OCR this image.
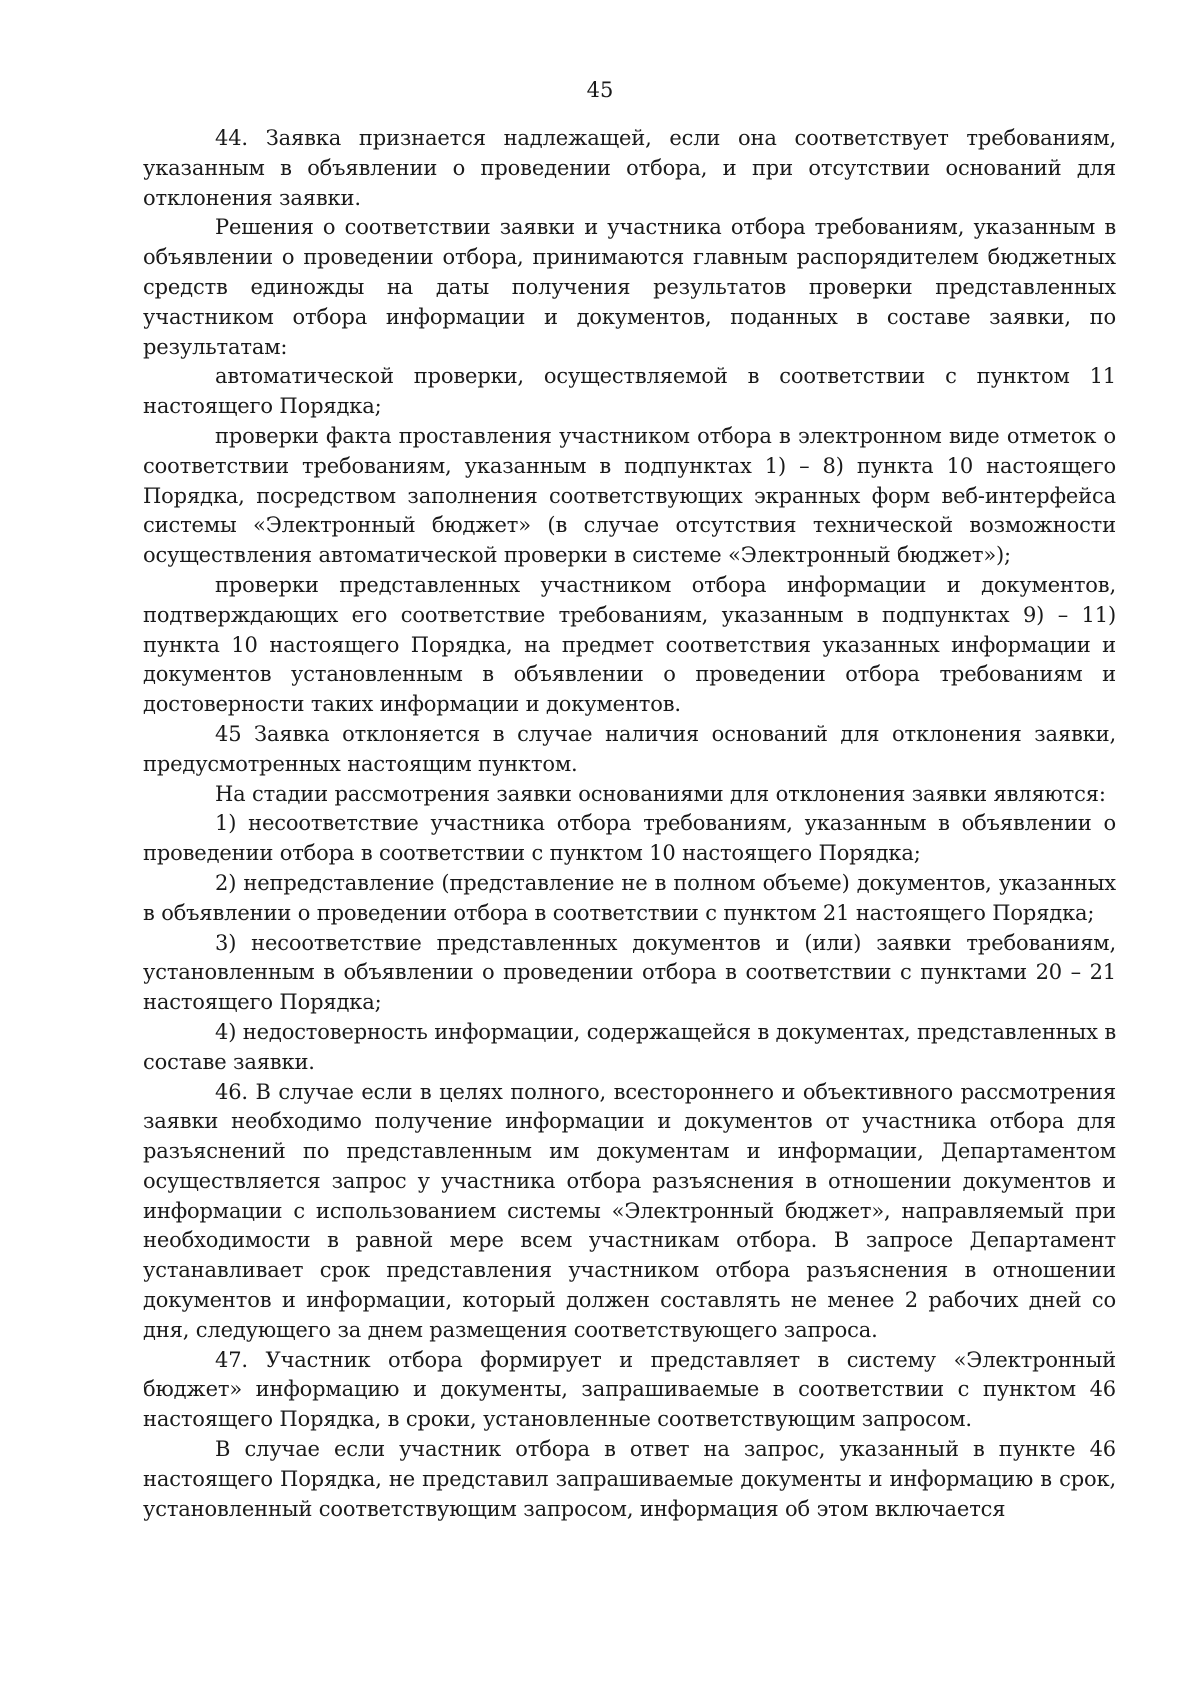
45

44. Заявка признается надлежащей, если она соответствует требованиям, указанным в объявлении о проведении отбора, и при отсутствии оснований для отклонения заявки.

Решения о соответствии заявки и участника отбора требованиям, указанным в объявлении о проведении отбора, принимаются главным распорядителем бюджетных средств единожды на даты получения результатов проверки представленных участником отбора информации и документов, поданных в составе заявки, по результатам:

автоматической проверки, осуществляемой в соответствии с пунктом 11 настоящего Порядка;

проверки факта проставления участником отбора в электронном виде отметок о соответствии требованиям, указанным в подпунктах 1) – 8) пункта 10 настоящего Порядка, посредством заполнения соответствующих экранных форм веб-интерфейса системы «Электронный бюджет» (в случае отсутствия технической возможности осуществления автоматической проверки в системе «Электронный бюджет»);

проверки представленных участником отбора информации и документов, подтверждающих его соответствие требованиям, указанным в подпунктах 9) – 11) пункта 10 настоящего Порядка, на предмет соответствия указанных информации и документов установленным в объявлении о проведении отбора требованиям и достоверности таких информации и документов.

45 Заявка отклоняется в случае наличия оснований для отклонения заявки, предусмотренных настоящим пунктом.

На стадии рассмотрения заявки основаниями для отклонения заявки являются:

1) несоответствие участника отбора требованиям, указанным в объявлении о проведении отбора в соответствии с пунктом 10 настоящего Порядка;

2) непредставление (представление не в полном объеме) документов, указанных в объявлении о проведении отбора в соответствии с пунктом 21 настоящего Порядка;

3) несоответствие представленных документов и (или) заявки требованиям, установленным в объявлении о проведении отбора в соответствии с пунктами 20 – 21 настоящего Порядка;

4) недостоверность информации, содержащейся в документах, представленных в составе заявки.

46. В случае если в целях полного, всестороннего и объективного рассмотрения заявки необходимо получение информации и документов от участника отбора для разъяснений по представленным им документам и информации, Департаментом осуществляется запрос у участника отбора разъяснения в отношении документов и информации с использованием системы «Электронный бюджет», направляемый при необходимости в равной мере всем участникам отбора. В запросе Департамент устанавливает срок представления участником отбора разъяснения в отношении документов и информации, который должен составлять не менее 2 рабочих дней со дня, следующего за днем размещения соответствующего запроса.

47. Участник отбора формирует и представляет в систему «Электронный бюджет» информацию и документы, запрашиваемые в соответствии с пунктом 46 настоящего Порядка, в сроки, установленные соответствующим запросом.

В случае если участник отбора в ответ на запрос, указанный в пункте 46 настоящего Порядка, не представил запрашиваемые документы и информацию в срок, установленный соответствующим запросом, информация об этом включается
